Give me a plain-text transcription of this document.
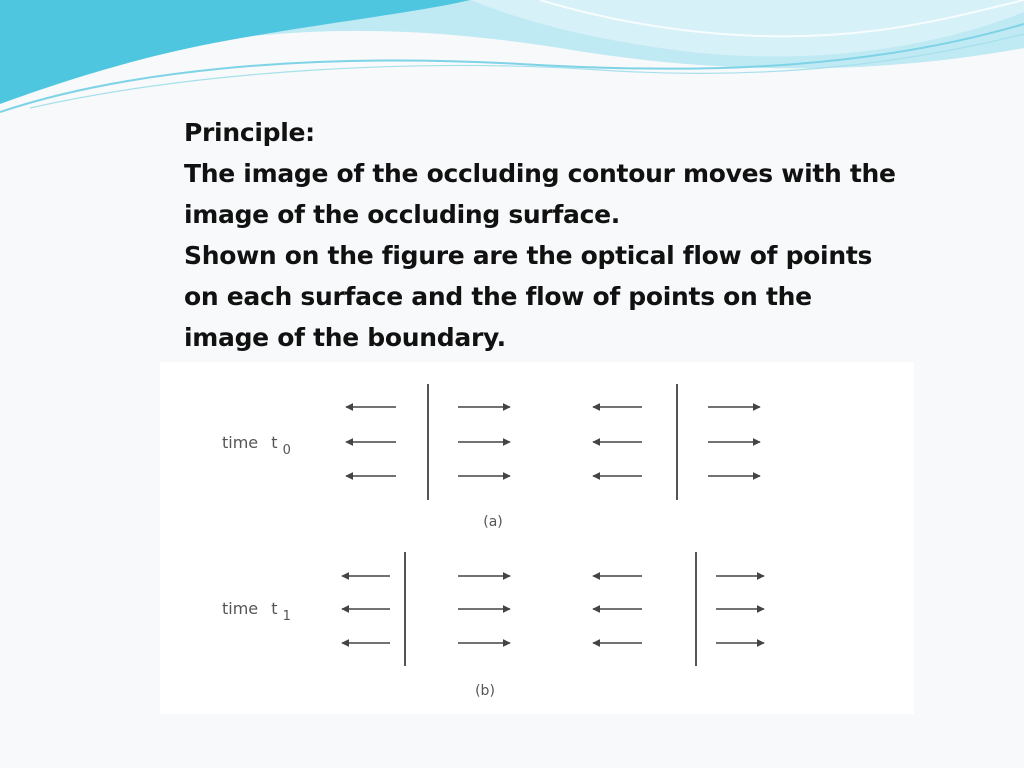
Principle:

The image of the occluding contour moves with the image of the occluding surface.

Shown on the figure are the optical flow of points on each surface and the flow of points on the image of the boundary.

time t $_0$
(a)
time t $_1$
(b)
